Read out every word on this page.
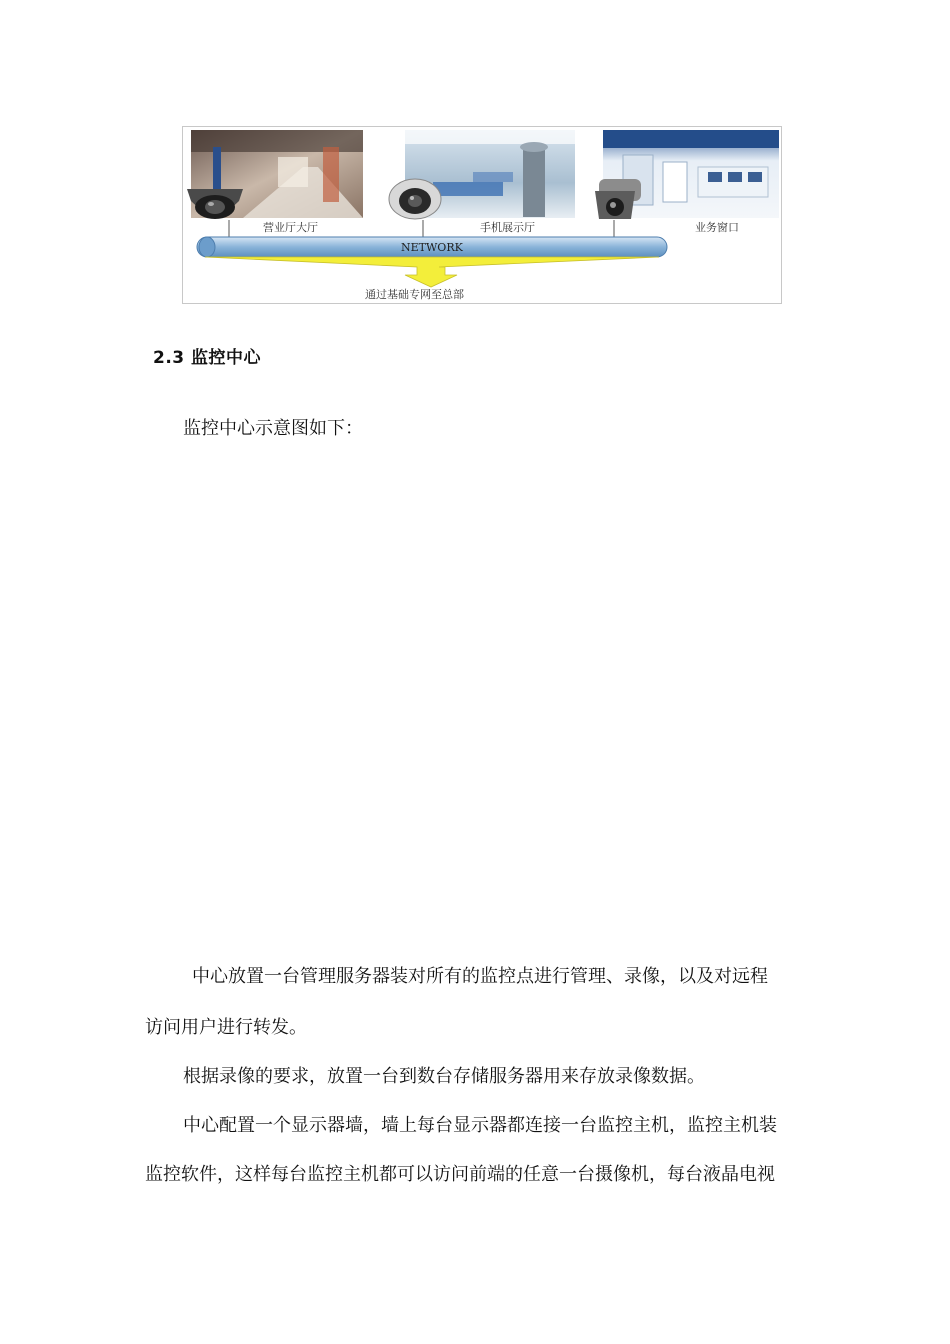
营业厅大厅	手机展示厅	业务窗口
NETWORK
通过基础专网至总部
2.3 监控中心
监控中心示意图如下：
中心放置一台管理服务器装对所有的监控点进行管理、录像，以及对远程
访问用户进行转发。
根据录像的要求，放置一台到数台存储服务器用来存放录像数据。
中心配置一个显示器墙，墙上每台显示器都连接一台监控主机，监控主机装
监控软件，这样每台监控主机都可以访问前端的任意一台摄像机，每台液晶电视
